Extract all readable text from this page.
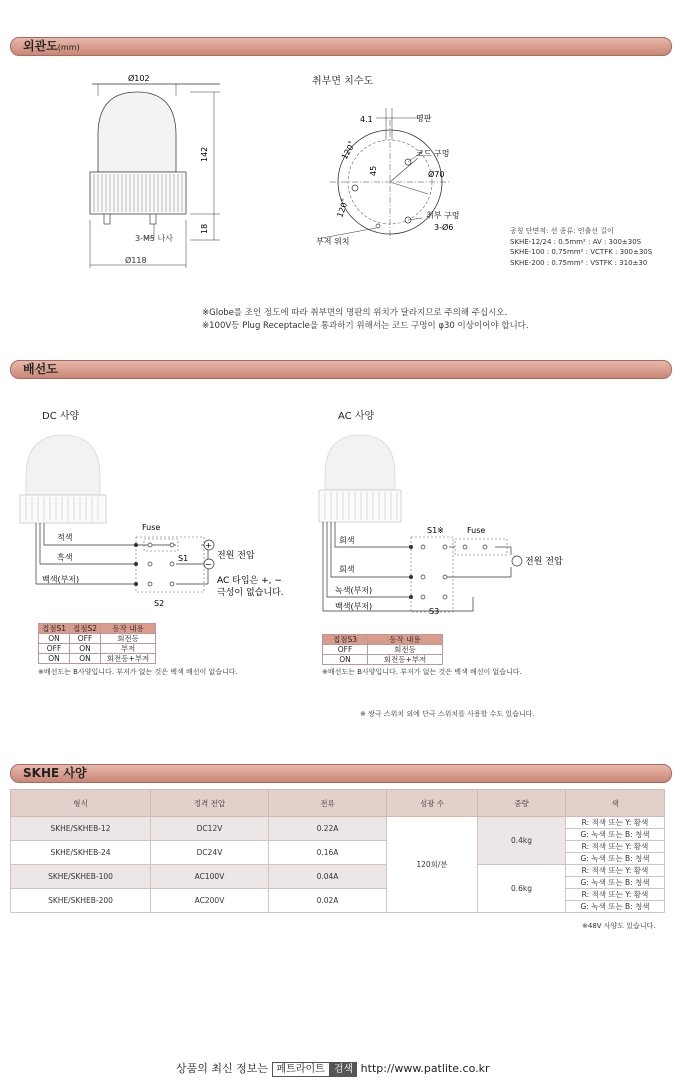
외관도(mm)
Ø102
142
18
3-M5 나사
Ø118
취부면 치수도
4.1	명판
코드 구멍
120˚
45	Ø70
120˚	취부 구멍
3-Ø6
부저 위치
공칭 단면적: 선 종류: 인출선 길이
SKHE-12/24 : 0.5mm² : AV : 300±30S
SKHE-100 : 0.75mm² : VCTFK : 300±30S
SKHE-200 : 0.75mm² : VSTFK : 310±30
※Globe를 조인 정도에 따라 취부면의 명판의 위치가 달라지므로 주의해 주십시오.
※100V등 Plug Receptacle을 통과하기 위해서는 코드 구멍이 φ30 이상이어야 합니다.
배선도
DC 사양	AC 사양
적색
흑색
백색(부저)
Fuse
S1
S2
+
−
전원 전압
AC 타입은 +, −
극성이 없습니다.
회색
회색
녹색(부저)
백색(부저)
S1※	Fuse
S3
전원 전압
접점S1	접점S2	동작 내용
ON	OFF	회전등
OFF	ON	부저
ON	ON	회전등+부저
※배선도는 B사양입니다. 부저가 없는 것은 백색 배선이 없습니다.
접점S3	동작 내용
OFF	회전등
ON	회전등+부저
※배선도는 B사양입니다. 부저가 없는 것은 백색 배선이 없습니다.
※ 쌍극 스위치 외에 단극 스위치를 사용할 수도 있습니다.
SKHE 사양
형식	정격 전압	전류	섬광 수	중량	색
SKHE/SKHEB-12	DC12V	0.22A	120회/분	0.4kg	R: 적색 또는 Y: 황색
					G: 녹색 또는 B: 청색
SKHE/SKHEB-24	DC24V	0.16A			R: 적색 또는 Y: 황색
					G: 녹색 또는 B: 청색
SKHE/SKHEB-100	AC100V	0.04A		0.6kg	R: 적색 또는 Y: 황색
					G: 녹색 또는 B: 청색
SKHE/SKHEB-200	AC200V	0.02A			R: 적색 또는 Y: 황색
					G: 녹색 또는 B: 청색
※48V 사양도 있습니다.
상품의 최신 정보는 페트라이트 검색 http://www.patlite.co.kr
